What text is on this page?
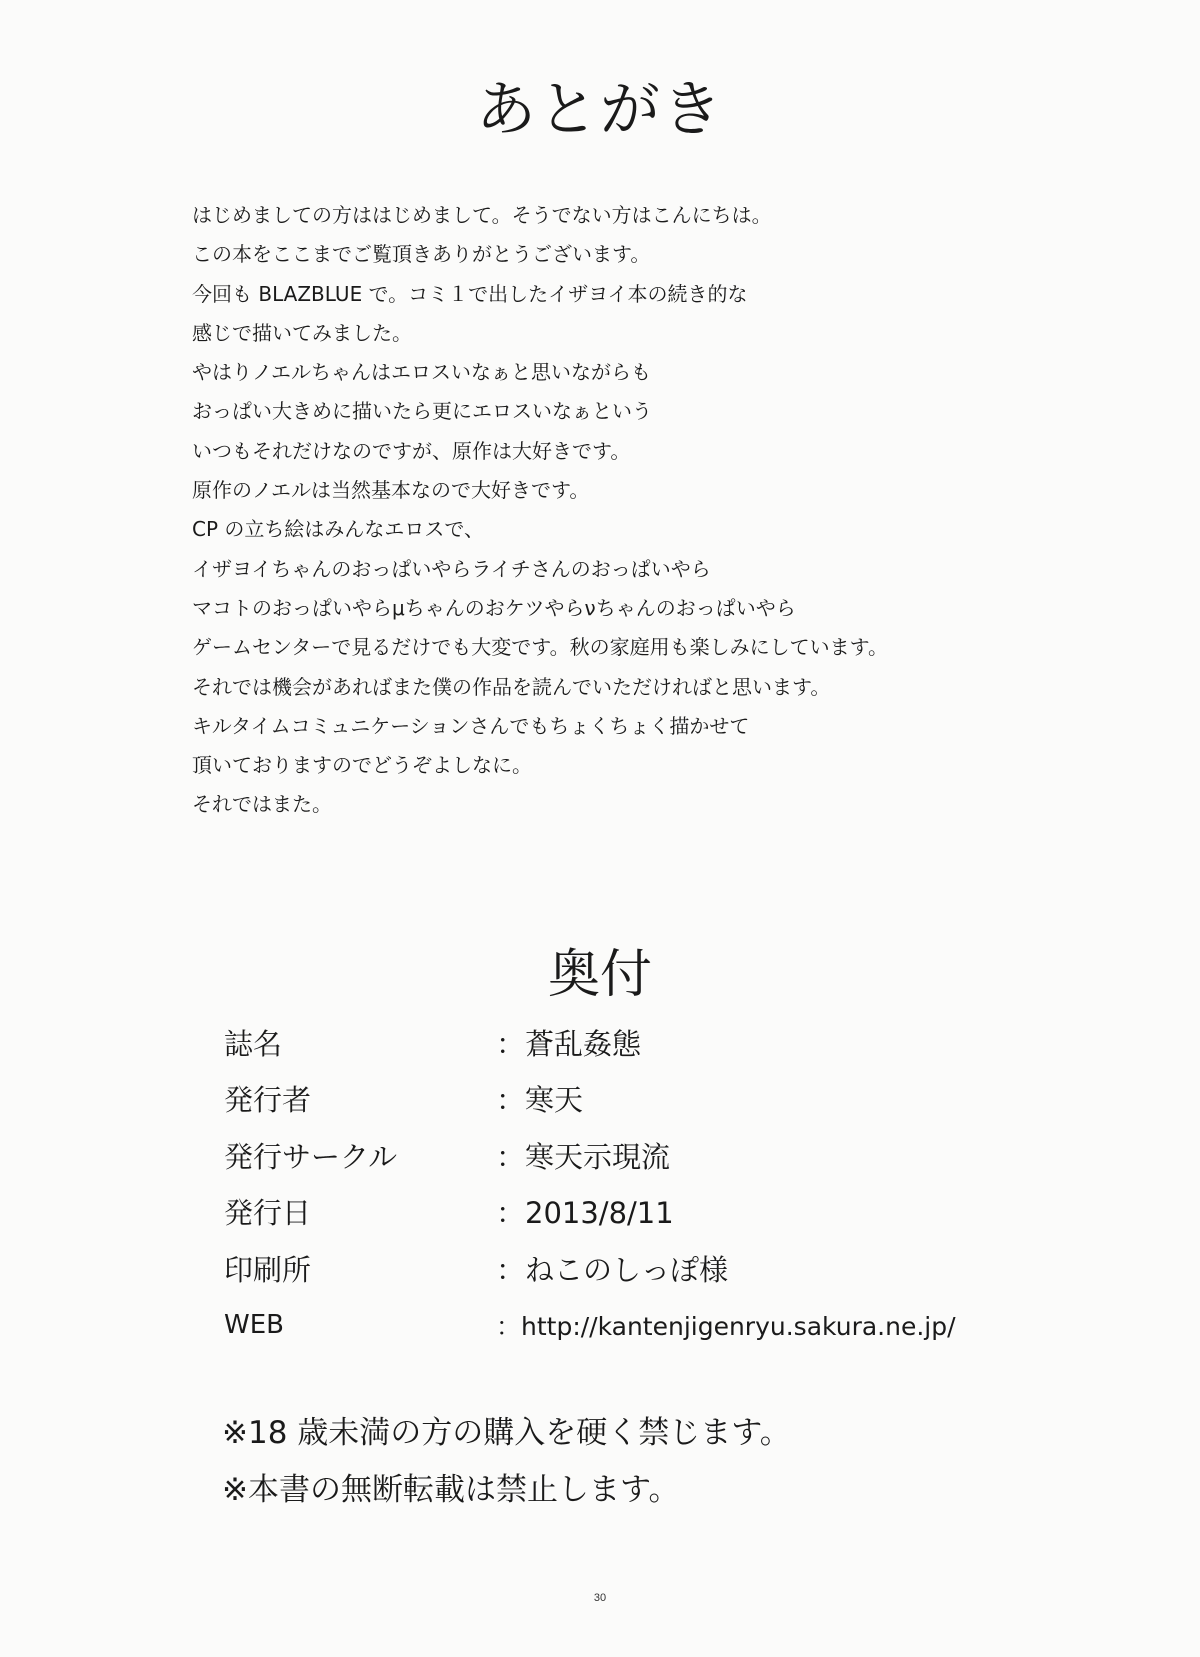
あとがき
はじめましての方ははじめまして。そうでない方はこんにちは。
この本をここまでご覧頂きありがとうございます。
今回も BLAZBLUE で。コミ１で出したイザヨイ本の続き的な
感じで描いてみました。
やはりノエルちゃんはエロスいなぁと思いながらも
おっぱい大きめに描いたら更にエロスいなぁという
いつもそれだけなのですが、原作は大好きです。
原作のノエルは当然基本なので大好きです。
CP の立ち絵はみんなエロスで、
イザヨイちゃんのおっぱいやらライチさんのおっぱいやら
マコトのおっぱいやらμちゃんのおケツやらνちゃんのおっぱいやら
ゲームセンターで見るだけでも大変です。秋の家庭用も楽しみにしています。
それでは機会があればまた僕の作品を読んでいただければと思います。
キルタイムコミュニケーションさんでもちょくちょく描かせて
頂いておりますのでどうぞよしなに。
それではまた。
奥付
誌名	：蒼乱姦態
発行者	：寒天
発行サークル	：寒天示現流
発行日	：2013/8/11
印刷所	：ねこのしっぽ様
WEB	：http://kantenjigenryu.sakura.ne.jp/
※18 歳未満の方の購入を硬く禁じます。
※本書の無断転載は禁止します。
30
